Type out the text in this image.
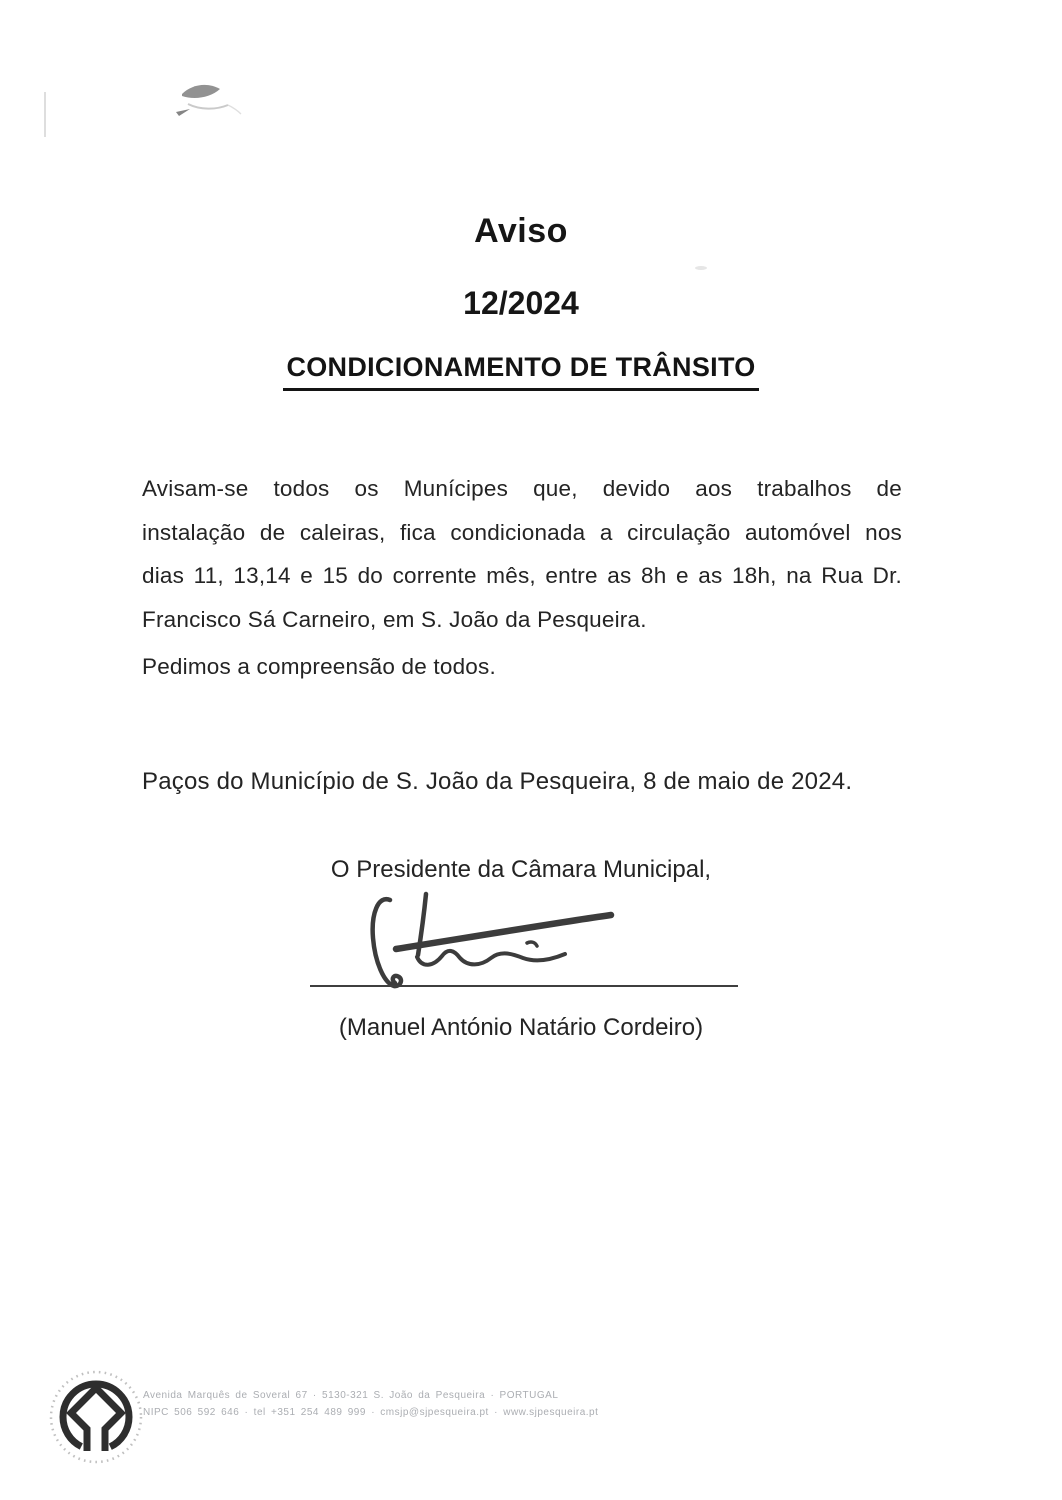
Aviso
12/2024
CONDICIONAMENTO DE TRÂNSITO
Avisam-se todos os Munícipes que, devido aos trabalhos de
instalação de caleiras, fica condicionada a circulação automóvel nos
dias 11, 13,14 e 15 do corrente mês, entre as 8h e as 18h, na Rua Dr.
Francisco Sá Carneiro, em S. João da Pesqueira.
Pedimos a compreensão de todos.
Paços do Município de S. João da Pesqueira, 8 de maio de 2024.
O Presidente da Câmara Municipal,
(Manuel António Natário Cordeiro)
Avenida Marquês de Soveral 67 · 5130-321 S. João da Pesqueira · PORTUGAL
NIPC 506 592 646 · tel +351 254 489 999 · cmsjp@sjpesqueira.pt · www.sjpesqueira.pt
